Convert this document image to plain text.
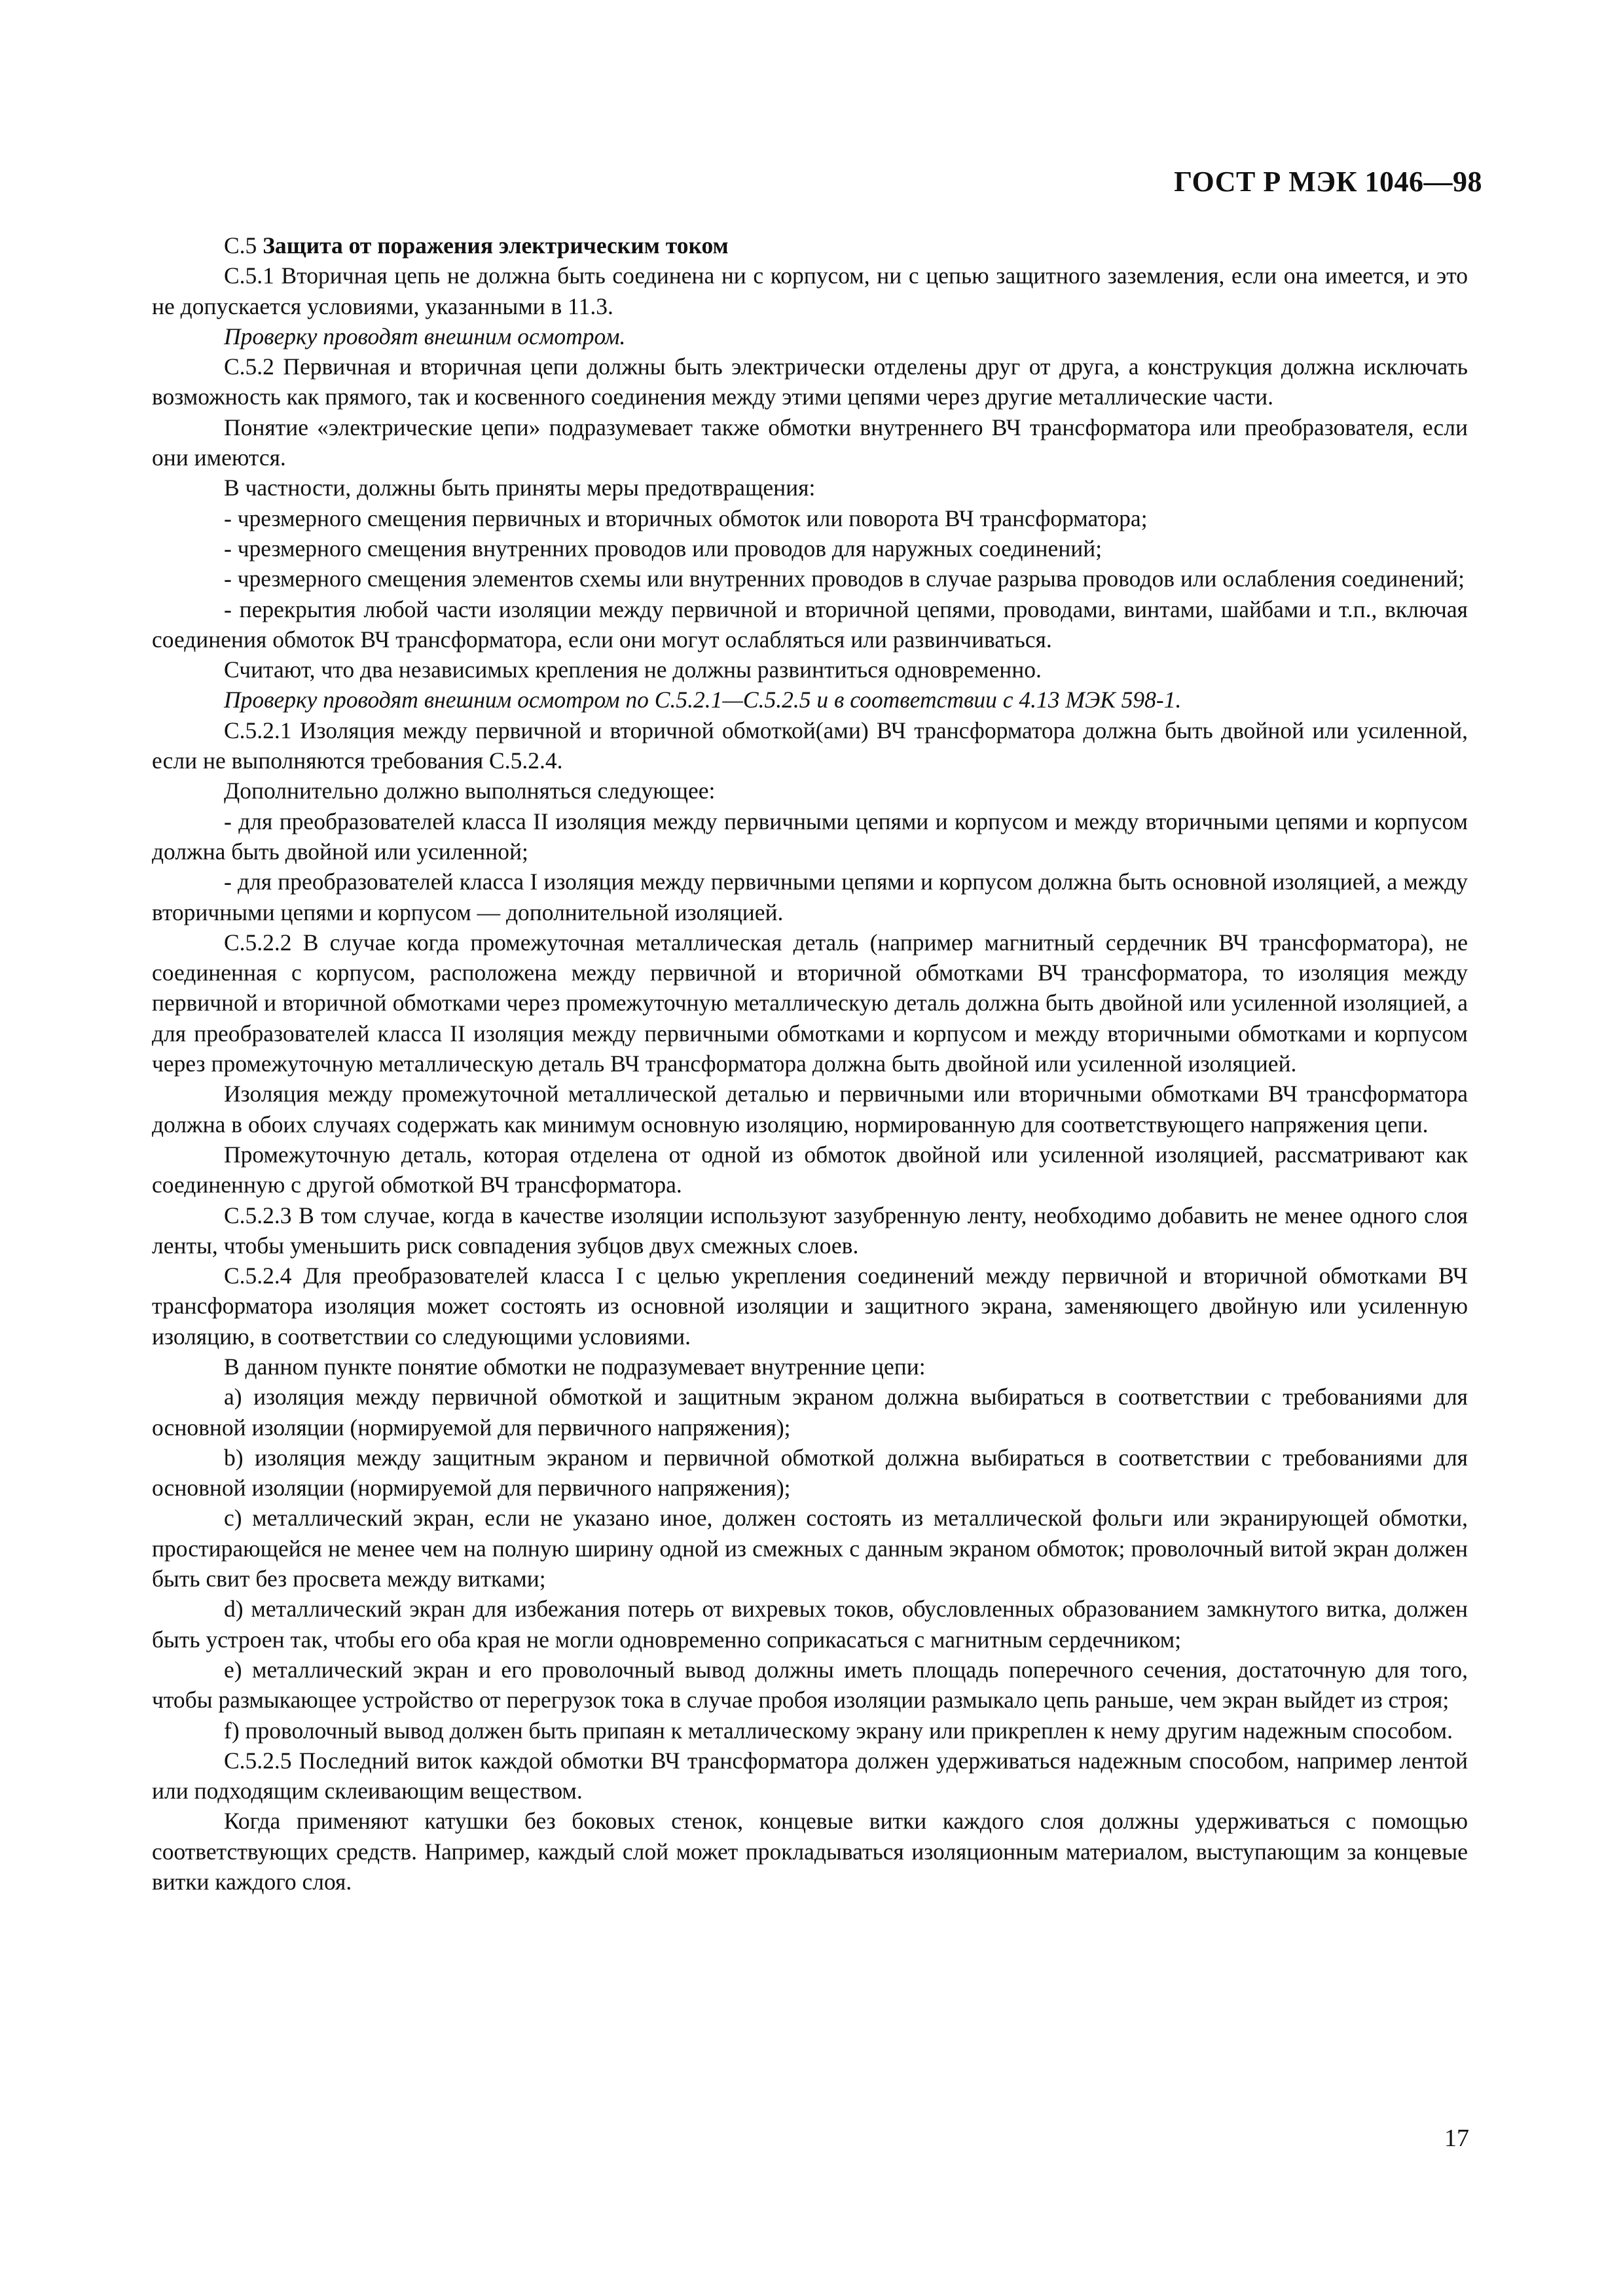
ГОСТ Р МЭК 1046—98

С.5 Защита от поражения электрическим током

С.5.1 Вторичная цепь не должна быть соединена ни с корпусом, ни с цепью защитного заземления, если она имеется, и это не допускается условиями, указанными в 11.3.

Проверку проводят внешним осмотром.

С.5.2 Первичная и вторичная цепи должны быть электрически отделены друг от друга, а конструкция должна исключать возможность как прямого, так и косвенного соединения между этими цепями через другие металлические части.

Понятие «электрические цепи» подразумевает также обмотки внутреннего ВЧ трансформатора или преобразователя, если они имеются.

В частности, должны быть приняты меры предотвращения:

- чрезмерного смещения первичных и вторичных обмоток или поворота ВЧ трансформатора;

- чрезмерного смещения внутренних проводов или проводов для наружных соединений;

- чрезмерного смещения элементов схемы или внутренних проводов в случае разрыва проводов или ослабления соединений;

- перекрытия любой части изоляции между первичной и вторичной цепями, проводами, винтами, шайбами и т.п., включая соединения обмоток ВЧ трансформатора, если они могут ослабляться или развинчиваться.

Считают, что два независимых крепления не должны развинтиться одновременно.

Проверку проводят внешним осмотром по С.5.2.1—С.5.2.5 и в соответствии с 4.13 МЭК 598-1.

С.5.2.1 Изоляция между первичной и вторичной обмоткой(ами) ВЧ трансформатора должна быть двойной или усиленной, если не выполняются требования С.5.2.4.

Дополнительно должно выполняться следующее:

- для преобразователей класса II изоляция между первичными цепями и корпусом и между вторичными цепями и корпусом должна быть двойной или усиленной;

- для преобразователей класса I изоляция между первичными цепями и корпусом должна быть основной изоляцией, а между вторичными цепями и корпусом — дополнительной изоляцией.

С.5.2.2 В случае когда промежуточная металлическая деталь (например магнитный сердечник ВЧ трансформатора), не соединенная с корпусом, расположена между первичной и вторичной обмотками ВЧ трансформатора, то изоляция между первичной и вторичной обмотками через промежуточную металлическую деталь должна быть двойной или усиленной изоляцией, а для преобразователей класса II изоляция между первичными обмотками и корпусом и между вторичными обмотками и корпусом через промежуточную металлическую деталь ВЧ трансформатора должна быть двойной или усиленной изоляцией.

Изоляция между промежуточной металлической деталью и первичными или вторичными обмотками ВЧ трансформатора должна в обоих случаях содержать как минимум основную изоляцию, нормированную для соответствующего напряжения цепи.

Промежуточную деталь, которая отделена от одной из обмоток двойной или усиленной изоляцией, рассматривают как соединенную с другой обмоткой ВЧ трансформатора.

С.5.2.3 В том случае, когда в качестве изоляции используют зазубренную ленту, необходимо добавить не менее одного слоя ленты, чтобы уменьшить риск совпадения зубцов двух смежных слоев.

С.5.2.4 Для преобразователей класса I с целью укрепления соединений между первичной и вторичной обмотками ВЧ трансформатора изоляция может состоять из основной изоляции и защитного экрана, заменяющего двойную или усиленную изоляцию, в соответствии со следующими условиями.

В данном пункте понятие обмотки не подразумевает внутренние цепи:

a) изоляция между первичной обмоткой и защитным экраном должна выбираться в соответствии с требованиями для основной изоляции (нормируемой для первичного напряжения);

b) изоляция между защитным экраном и первичной обмоткой должна выбираться в соответствии с требованиями для основной изоляции (нормируемой для первичного напряжения);

c) металлический экран, если не указано иное, должен состоять из металлической фольги или экранирующей обмотки, простирающейся не менее чем на полную ширину одной из смежных с данным экраном обмоток; проволочный витой экран должен быть свит без просвета между витками;

d) металлический экран для избежания потерь от вихревых токов, обусловленных образованием замкнутого витка, должен быть устроен так, чтобы его оба края не могли одновременно соприкасаться с магнитным сердечником;

e) металлический экран и его проволочный вывод должны иметь площадь поперечного сечения, достаточную для того, чтобы размыкающее устройство от перегрузок тока в случае пробоя изоляции размыкало цепь раньше, чем экран выйдет из строя;

f) проволочный вывод должен быть припаян к металлическому экрану или прикреплен к нему другим надежным способом.

С.5.2.5 Последний виток каждой обмотки ВЧ трансформатора должен удерживаться надежным способом, например лентой или подходящим склеивающим веществом.

Когда применяют катушки без боковых стенок, концевые витки каждого слоя должны удерживаться с помощью соответствующих средств. Например, каждый слой может прокладываться изоляционным материалом, выступающим за концевые витки каждого слоя.

17
